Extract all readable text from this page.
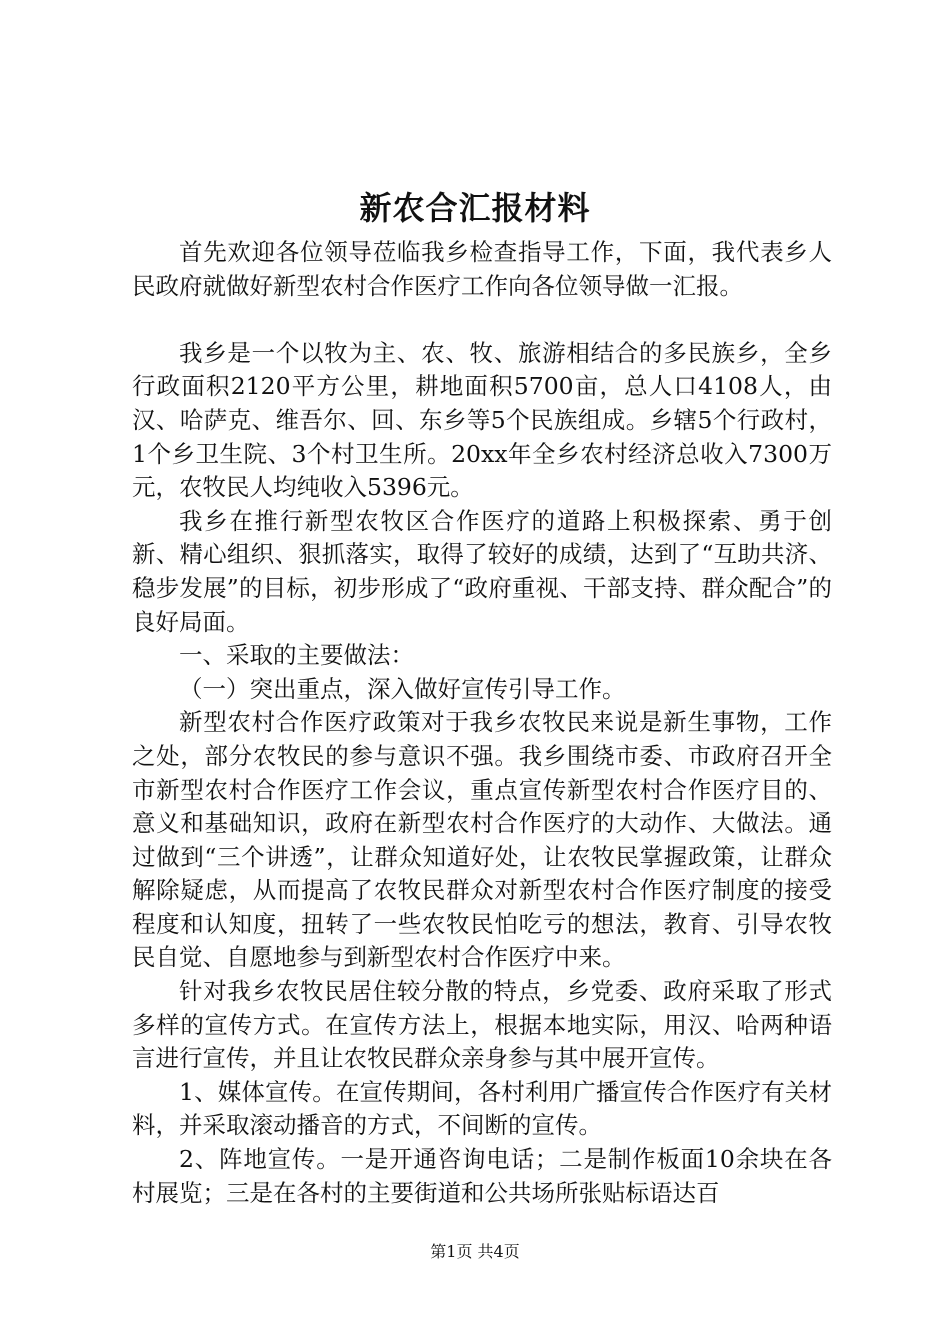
新农合汇报材料

首先欢迎各位领导莅临我乡检查指导工作，下面，我代表乡人民政府就做好新型农村合作医疗工作向各位领导做一汇报。

我乡是一个以牧为主、农、牧、旅游相结合的多民族乡，全乡行政面积2120平方公里，耕地面积5700亩，总人口4108人，由汉、哈萨克、维吾尔、回、东乡等5个民族组成。乡辖5个行政村，1个乡卫生院、3个村卫生所。20xx年全乡农村经济总收入7300万元，农牧民人均纯收入5396元。

我乡在推行新型农牧区合作医疗的道路上积极探索、勇于创新、精心组织、狠抓落实，取得了较好的成绩，达到了“互助共济、稳步发展”的目标，初步形成了“政府重视、干部支持、群众配合”的良好局面。

一、采取的主要做法：

（一）突出重点，深入做好宣传引导工作。

新型农村合作医疗政策对于我乡农牧民来说是新生事物，工作之处，部分农牧民的参与意识不强。我乡围绕市委、市政府召开全市新型农村合作医疗工作会议，重点宣传新型农村合作医疗目的、意义和基础知识，政府在新型农村合作医疗的大动作、大做法。通过做到“三个讲透”，让群众知道好处，让农牧民掌握政策，让群众解除疑虑，从而提高了农牧民群众对新型农村合作医疗制度的接受程度和认知度，扭转了一些农牧民怕吃亏的想法，教育、引导农牧民自觉、自愿地参与到新型农村合作医疗中来。

针对我乡农牧民居住较分散的特点，乡党委、政府采取了形式多样的宣传方式。在宣传方法上，根据本地实际，用汉、哈两种语言进行宣传，并且让农牧民群众亲身参与其中展开宣传。

1、媒体宣传。在宣传期间，各村利用广播宣传合作医疗有关材料，并采取滚动播音的方式，不间断的宣传。

2、阵地宣传。一是开通咨询电话；二是制作板面10余块在各村展览；三是在各村的主要街道和公共场所张贴标语达百

第1页 共4页
